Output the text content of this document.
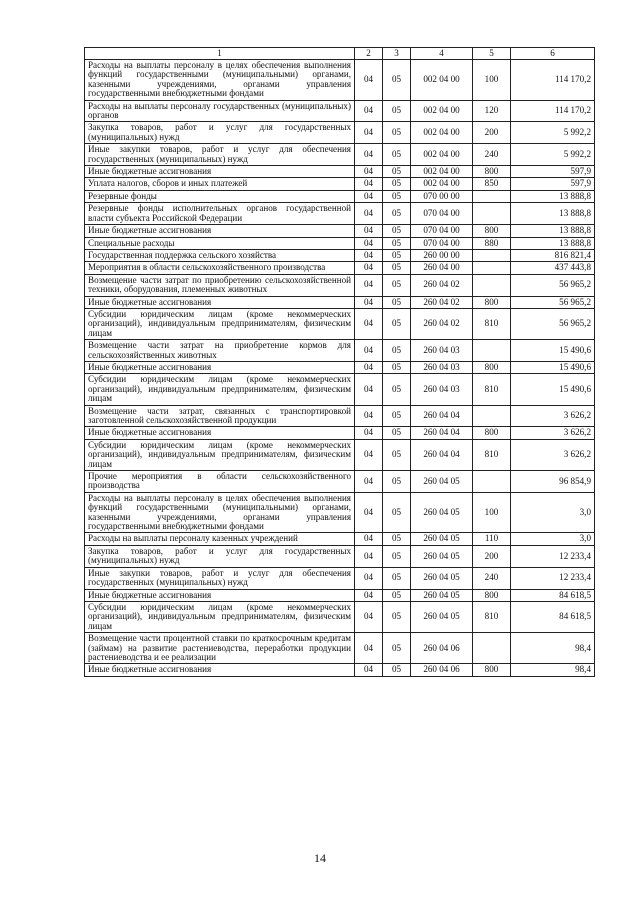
1	2	3	4	5	6
Расходы на выплаты персоналу в целях обеспечения выполнения функций государственными (муниципальными) органами, казенными учреждениями, органами управления государственными внебюджетными фондами	04	05	002 04 00	100	114 170,2
Расходы на выплаты персоналу государственных (муниципальных) органов	04	05	002 04 00	120	114 170,2
Закупка товаров, работ и услуг для государственных (муниципальных) нужд	04	05	002 04 00	200	5 992,2
Иные закупки товаров, работ и услуг для обеспечения государственных (муниципальных) нужд	04	05	002 04 00	240	5 992,2
Иные бюджетные ассигнования	04	05	002 04 00	800	597,9
Уплата налогов, сборов и иных платежей	04	05	002 04 00	850	597,9
Резервные фонды	04	05	070 00 00		13 888,8
Резервные фонды исполнительных органов государственной власти субъекта Российской Федерации	04	05	070 04 00		13 888,8
Иные бюджетные ассигнования	04	05	070 04 00	800	13 888,8
Специальные расходы	04	05	070 04 00	880	13 888,8
Государственная поддержка сельского хозяйства	04	05	260 00 00		816 821,4
Мероприятия в области сельскохозяйственного производства	04	05	260 04 00		437 443,8
Возмещение части затрат по приобретению сельскохозяйственной техники, оборудования, племенных животных	04	05	260 04 02		56 965,2
Иные бюджетные ассигнования	04	05	260 04 02	800	56 965,2
Субсидии юридическим лицам (кроме некоммерческих организаций), индивидуальным предпринимателям, физическим лицам	04	05	260 04 02	810	56 965,2
Возмещение части затрат на приобретение кормов для сельскохозяйственных животных	04	05	260 04 03		15 490,6
Иные бюджетные ассигнования	04	05	260 04 03	800	15 490,6
Субсидии юридическим лицам (кроме некоммерческих организаций), индивидуальным предпринимателям, физическим лицам	04	05	260 04 03	810	15 490,6
Возмещение части затрат, связанных с транспортировкой заготовленной сельскохозяйственной продукции	04	05	260 04 04		3 626,2
Иные бюджетные ассигнования	04	05	260 04 04	800	3 626,2
Субсидии юридическим лицам (кроме некоммерческих организаций), индивидуальным предпринимателям, физическим лицам	04	05	260 04 04	810	3 626,2
Прочие мероприятия в области сельскохозяйственного производства	04	05	260 04 05		96 854,9
Расходы на выплаты персоналу в целях обеспечения выполнения функций государственными (муниципальными) органами, казенными учреждениями, органами управления государственными внебюджетными фондами	04	05	260 04 05	100	3,0
Расходы на выплаты персоналу казенных учреждений	04	05	260 04 05	110	3,0
Закупка товаров, работ и услуг для государственных (муниципальных) нужд	04	05	260 04 05	200	12 233,4
Иные закупки товаров, работ и услуг для обеспечения государственных (муниципальных) нужд	04	05	260 04 05	240	12 233,4
Иные бюджетные ассигнования	04	05	260 04 05	800	84 618,5
Субсидии юридическим лицам (кроме некоммерческих организаций), индивидуальным предпринимателям, физическим лицам	04	05	260 04 05	810	84 618,5
Возмещение части процентной ставки по краткосрочным кредитам (займам) на развитие растениеводства, переработки продукции растениеводства и ее реализации	04	05	260 04 06		98,4
Иные бюджетные ассигнования	04	05	260 04 06	800	98,4
14
